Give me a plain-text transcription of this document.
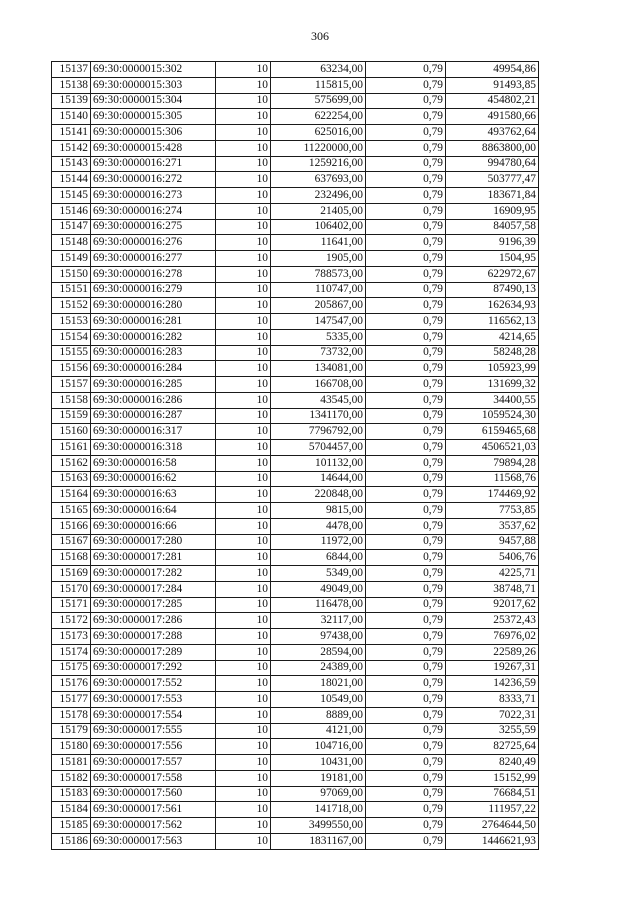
306
15137	69:30:0000015:302	10	63234,00	0,79	49954,86
15138	69:30:0000015:303	10	115815,00	0,79	91493,85
15139	69:30:0000015:304	10	575699,00	0,79	454802,21
15140	69:30:0000015:305	10	622254,00	0,79	491580,66
15141	69:30:0000015:306	10	625016,00	0,79	493762,64
15142	69:30:0000015:428	10	11220000,00	0,79	8863800,00
15143	69:30:0000016:271	10	1259216,00	0,79	994780,64
15144	69:30:0000016:272	10	637693,00	0,79	503777,47
15145	69:30:0000016:273	10	232496,00	0,79	183671,84
15146	69:30:0000016:274	10	21405,00	0,79	16909,95
15147	69:30:0000016:275	10	106402,00	0,79	84057,58
15148	69:30:0000016:276	10	11641,00	0,79	9196,39
15149	69:30:0000016:277	10	1905,00	0,79	1504,95
15150	69:30:0000016:278	10	788573,00	0,79	622972,67
15151	69:30:0000016:279	10	110747,00	0,79	87490,13
15152	69:30:0000016:280	10	205867,00	0,79	162634,93
15153	69:30:0000016:281	10	147547,00	0,79	116562,13
15154	69:30:0000016:282	10	5335,00	0,79	4214,65
15155	69:30:0000016:283	10	73732,00	0,79	58248,28
15156	69:30:0000016:284	10	134081,00	0,79	105923,99
15157	69:30:0000016:285	10	166708,00	0,79	131699,32
15158	69:30:0000016:286	10	43545,00	0,79	34400,55
15159	69:30:0000016:287	10	1341170,00	0,79	1059524,30
15160	69:30:0000016:317	10	7796792,00	0,79	6159465,68
15161	69:30:0000016:318	10	5704457,00	0,79	4506521,03
15162	69:30:0000016:58	10	101132,00	0,79	79894,28
15163	69:30:0000016:62	10	14644,00	0,79	11568,76
15164	69:30:0000016:63	10	220848,00	0,79	174469,92
15165	69:30:0000016:64	10	9815,00	0,79	7753,85
15166	69:30:0000016:66	10	4478,00	0,79	3537,62
15167	69:30:0000017:280	10	11972,00	0,79	9457,88
15168	69:30:0000017:281	10	6844,00	0,79	5406,76
15169	69:30:0000017:282	10	5349,00	0,79	4225,71
15170	69:30:0000017:284	10	49049,00	0,79	38748,71
15171	69:30:0000017:285	10	116478,00	0,79	92017,62
15172	69:30:0000017:286	10	32117,00	0,79	25372,43
15173	69:30:0000017:288	10	97438,00	0,79	76976,02
15174	69:30:0000017:289	10	28594,00	0,79	22589,26
15175	69:30:0000017:292	10	24389,00	0,79	19267,31
15176	69:30:0000017:552	10	18021,00	0,79	14236,59
15177	69:30:0000017:553	10	10549,00	0,79	8333,71
15178	69:30:0000017:554	10	8889,00	0,79	7022,31
15179	69:30:0000017:555	10	4121,00	0,79	3255,59
15180	69:30:0000017:556	10	104716,00	0,79	82725,64
15181	69:30:0000017:557	10	10431,00	0,79	8240,49
15182	69:30:0000017:558	10	19181,00	0,79	15152,99
15183	69:30:0000017:560	10	97069,00	0,79	76684,51
15184	69:30:0000017:561	10	141718,00	0,79	111957,22
15185	69:30:0000017:562	10	3499550,00	0,79	2764644,50
15186	69:30:0000017:563	10	1831167,00	0,79	1446621,93
